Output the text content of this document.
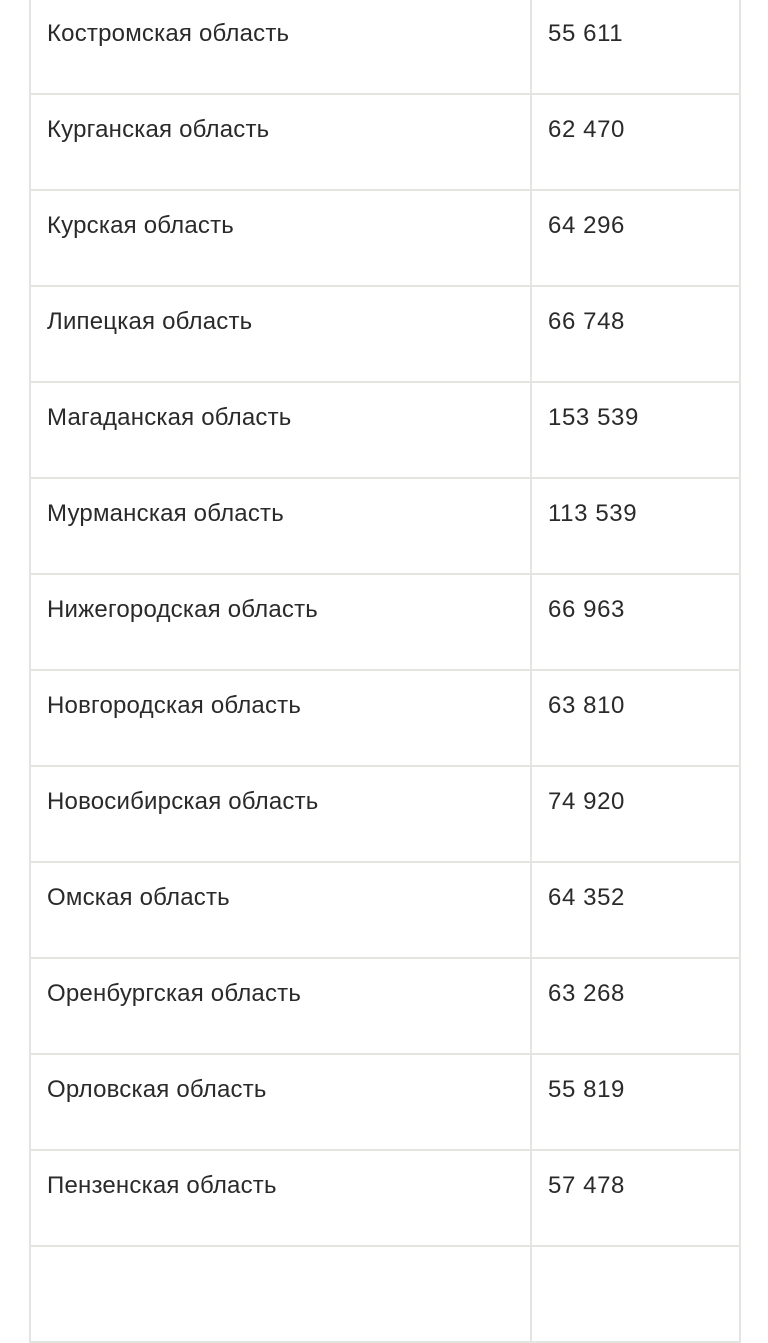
Костромская область	55 611

Курганская область	62 470

Курская область	64 296

Липецкая область	66 748

Магаданская область	153 539

Мурманская область	113 539

Нижегородская область	66 963

Новгородская область	63 810

Новосибирская область	74 920

Омская область	64 352

Оренбургская область	63 268

Орловская область	55 819

Пензенская область	57 478
